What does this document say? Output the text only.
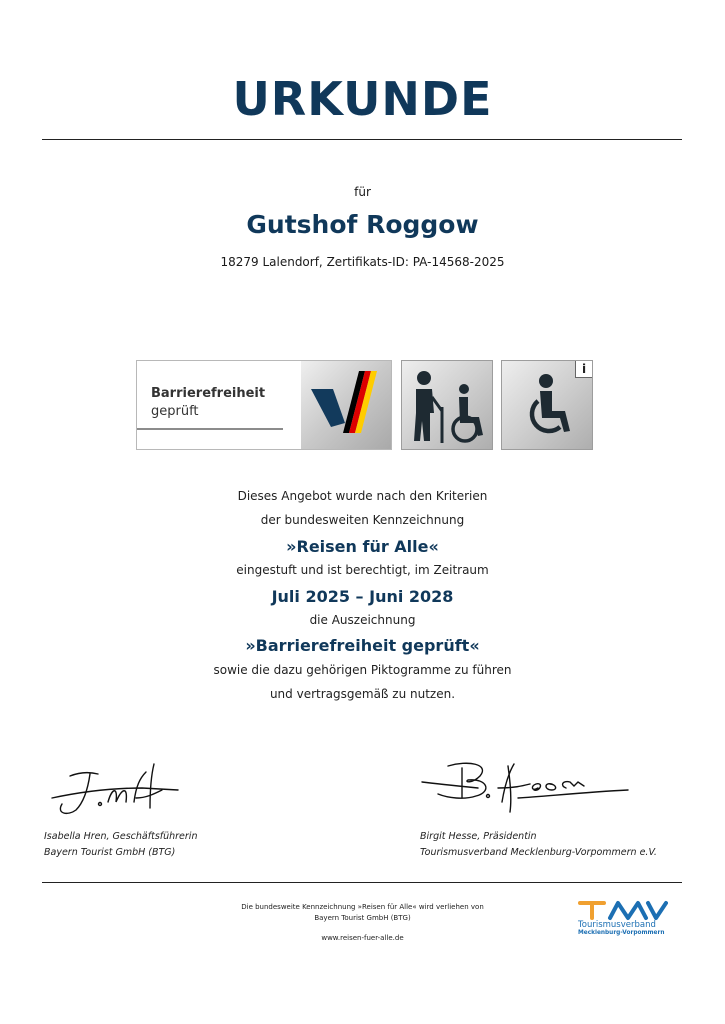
URKUNDE
für
Gutshof Roggow
18279 Lalendorf, Zertifikats-ID: PA-14568-2025
Barrierefreiheit
geprüft
i
Dieses Angebot wurde nach den Kriterien
der bundesweiten Kennzeichnung
»Reisen für Alle«
eingestuft und ist berechtigt, im Zeitraum
Juli 2025 – Juni 2028
die Auszeichnung
»Barrierefreiheit geprüft«
sowie die dazu gehörigen Piktogramme zu führen
und vertragsgemäß zu nutzen.
Isabella Hren, Geschäftsführerin
Bayern Tourist GmbH (BTG)
Birgit Hesse, Präsidentin
Tourismusverband Mecklenburg-Vorpommern e.V.
Die bundesweite Kennzeichnung »Reisen für Alle« wird verliehen von
Bayern Tourist GmbH (BTG)
www.reisen-fuer-alle.de
Tourismusverband
Mecklenburg-Vorpommern
